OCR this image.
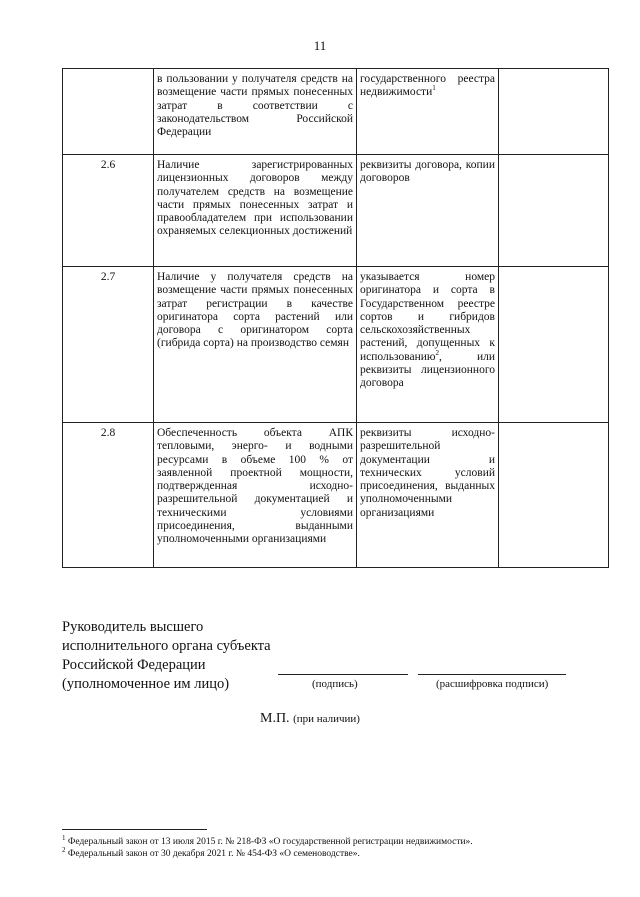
11
	в пользовании у получателя средств на возмещение части прямых понесенных затрат в соответствии с законодательством Российской Федерации	государственного реестра недвижимости$^1$	
2.6	Наличие зарегистрированных лицензионных договоров между получателем средств на возмещение части прямых понесенных затрат и правообладателем при использовании охраняемых селекционных достижений	реквизиты договора, копии договоров	
2.7	Наличие у получателя средств на возмещение части прямых понесенных затрат регистрации в качестве оригинатора сорта растений или договора с оригинатором сорта (гибрида сорта) на производство семян	указывается номер оригинатора и сорта в Государственном реестре сортов и гибридов сельскохозяйственных растений, допущенных к использованию$^2$, или реквизиты лицензионного договора	
2.8	Обеспеченность объекта АПК тепловыми, энерго- и водными ресурсами в объеме 100 % от заявленной проектной мощности, подтвержденная исходно-разрешительной документацией и техническими условиями присоединения, выданными уполномоченными организациями	реквизиты исходно-разрешительной документации и технических условий присоединения, выданных уполномоченными организациями	
Руководитель высшего
исполнительного органа субъекта
Российской Федерации
(уполномоченное им лицо)	(подпись)	(расшифровка подписи)
М.П. (при наличии)
$^1$ Федеральный закон от 13 июля 2015 г. № 218-ФЗ «О государственной регистрации недвижимости».
$^2$ Федеральный закон от 30 декабря 2021 г. № 454-ФЗ «О семеноводстве».
